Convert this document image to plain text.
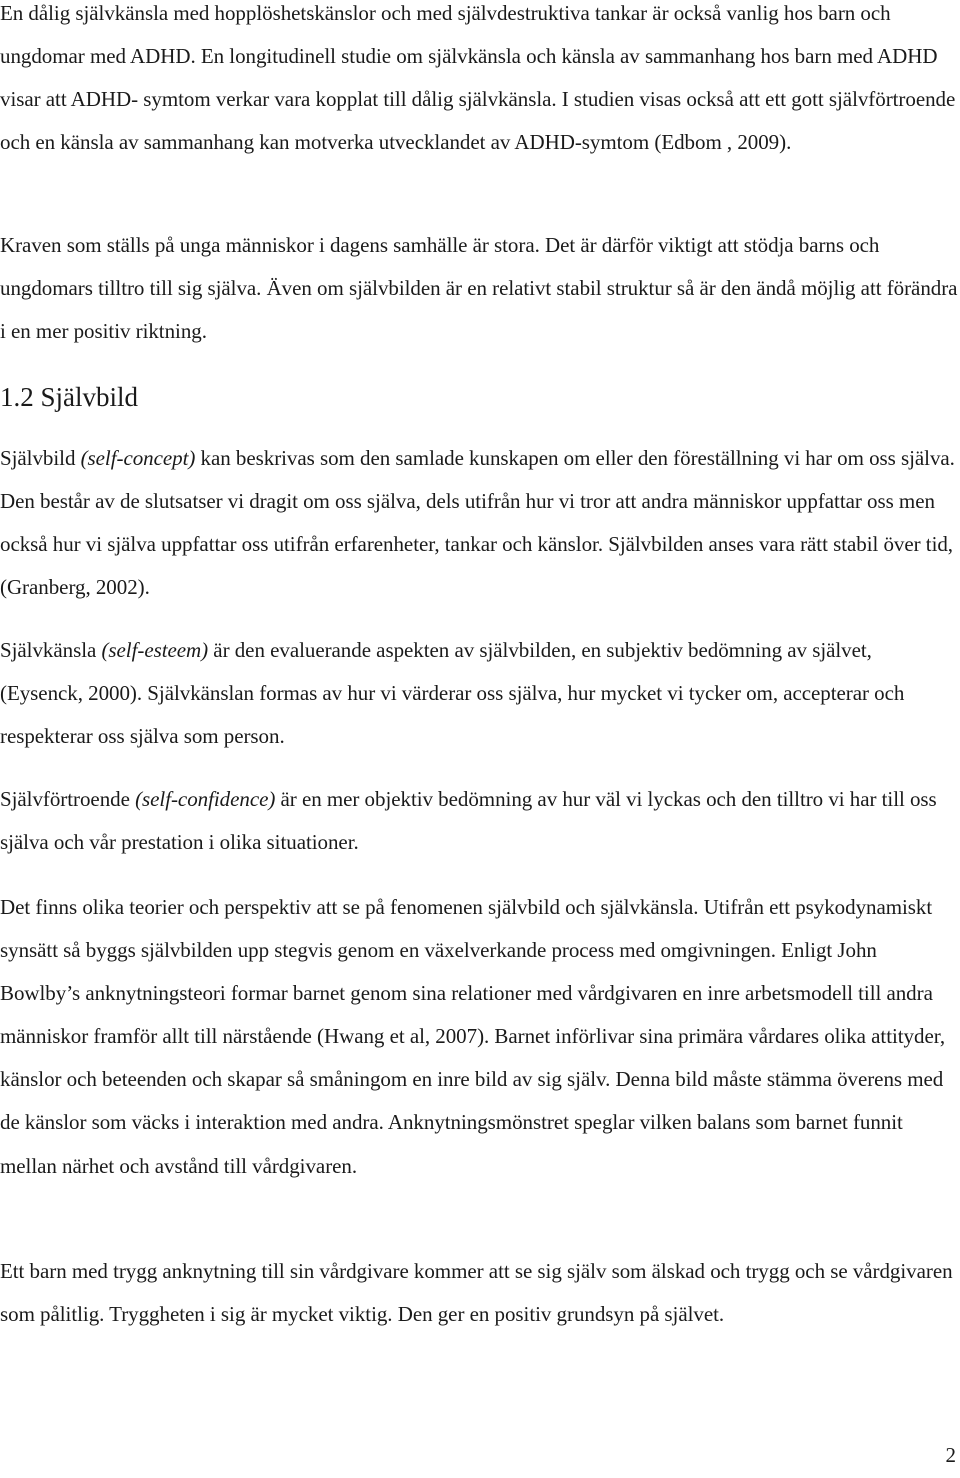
En dålig självkänsla med hopplöshetskänslor och med självdestruktiva tankar är också vanlig hos barn och ungdomar med ADHD. En longitudinell studie om självkänsla och känsla av sammanhang hos barn med ADHD visar att ADHD- symtom verkar vara kopplat till dålig självkänsla. I studien visas också att ett gott självförtroende och en känsla av sammanhang kan motverka utvecklandet av ADHD-symtom (Edbom , 2009).

Kraven som ställs på unga människor i dagens samhälle är stora. Det är därför viktigt att stödja barns och ungdomars tilltro till sig själva. Även om självbilden är en relativt stabil struktur så är den ändå möjlig att förändra i en mer positiv riktning.

1.2 Självbild

Självbild (self-concept) kan beskrivas som den samlade kunskapen om eller den föreställning vi har om oss själva. Den består av de slutsatser vi dragit om oss själva, dels utifrån hur vi tror att andra människor uppfattar oss men också hur vi själva uppfattar oss utifrån erfarenheter, tankar och känslor. Självbilden anses vara rätt stabil över tid, (Granberg, 2002).

Självkänsla (self-esteem) är den evaluerande aspekten av självbilden, en subjektiv bedömning av självet, (Eysenck, 2000). Självkänslan formas av hur vi värderar oss själva, hur mycket vi tycker om, accepterar och respekterar oss själva som person.

Självförtroende (self-confidence) är en mer objektiv bedömning av hur väl vi lyckas och den tilltro vi har till oss själva och vår prestation i olika situationer.

Det finns olika teorier och perspektiv att se på fenomenen självbild och självkänsla. Utifrån ett psykodynamiskt synsätt så byggs självbilden upp stegvis genom en växelverkande process med omgivningen. Enligt John Bowlby’s anknytningsteori formar barnet genom sina relationer med vårdgivaren en inre arbetsmodell till andra människor framför allt till närstående (Hwang et al, 2007). Barnet införlivar sina primära vårdares olika attityder, känslor och beteenden och skapar så småningom en inre bild av sig själv. Denna bild måste stämma överens med de känslor som väcks i interaktion med andra. Anknytningsmönstret speglar vilken balans som barnet funnit mellan närhet och avstånd till vårdgivaren.

Ett barn med trygg anknytning till sin vårdgivare kommer att se sig själv som älskad och trygg och se vårdgivaren som pålitlig. Tryggheten i sig är mycket viktig. Den ger en positiv grundsyn på självet.

2
